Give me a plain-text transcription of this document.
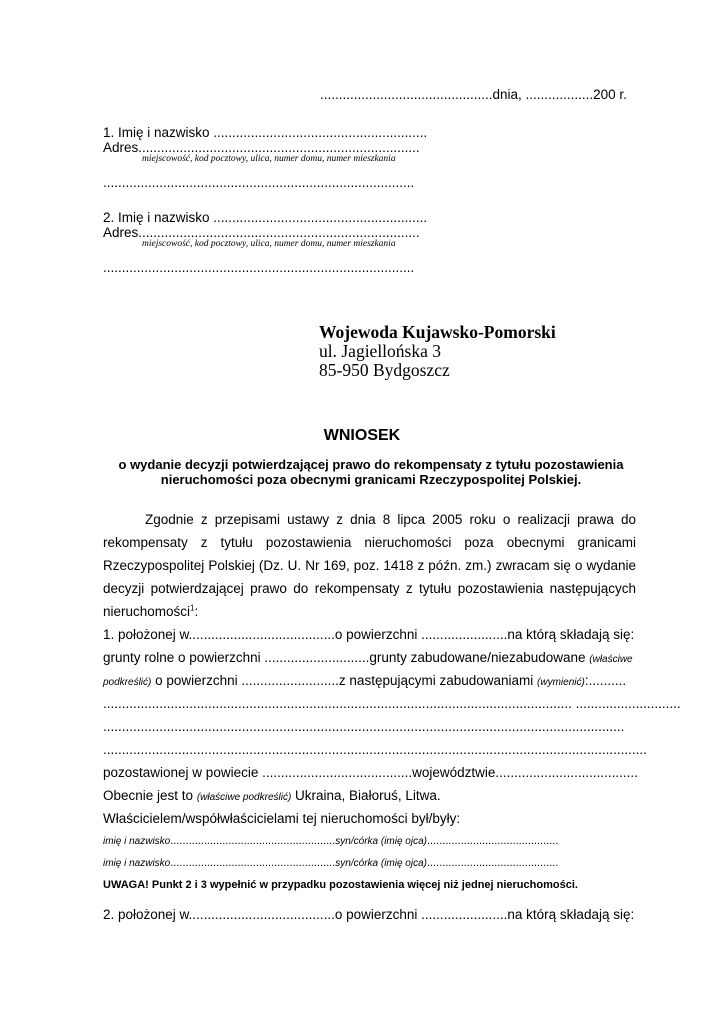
..............................................dnia, ..................200 r.
1. Imię i nazwisko .........................................................
Adres...........................................................................
miejscowość, kod pocztowy, ulica, numer domu, numer mieszkania
...................................................................................
2. Imię i nazwisko .........................................................
Adres...........................................................................
miejscowość, kod pocztowy, ulica, numer domu, numer mieszkania
...................................................................................
Wojewoda Kujawsko-Pomorski
ul. Jagiellońska 3
85-950 Bydgoszcz
WNIOSEK
o wydanie decyzji potwierdzającej prawo do rekompensaty z tytułu pozostawienia
nieruchomości poza obecnymi granicami Rzeczypospolitej Polskiej.
Zgodnie z przepisami ustawy z dnia 8 lipca 2005 roku o realizacji prawa do
rekompensaty z tytułu pozostawienia nieruchomości poza obecnymi granicami
Rzeczypospolitej Polskiej (Dz. U. Nr 169, poz. 1418 z późn. zm.) zwracam się o wydanie
decyzji potwierdzającej prawo do rekompensaty z tytułu pozostawienia następujących
nieruchomości$^1$:
1. położonej w.......................................o powierzchni .......................na którą składają się:
grunty rolne o powierzchni ............................grunty zabudowane/niezabudowane (właściwe
podkreślić) o powierzchni ..........................z następującymi zabudowaniami (wymienić):..........
............................................................................................................................. ............................
...........................................................................................................................................
.................................................................................................................................................
pozostawionej w powiecie ........................................województwie......................................
Obecnie jest to (właściwe podkreślić) Ukraina, Białoruś, Litwa.
Właścicielem/współwłaścicielami tej nieruchomości był/były:
imię i nazwisko......................................................syn/córka (imię ojca)...........................................
imię i nazwisko......................................................syn/córka (imię ojca)...........................................
UWAGA! Punkt 2 i 3 wypełnić w przypadku pozostawienia więcej niż jednej nieruchomości.
2. położonej w.......................................o powierzchni .......................na którą składają się:
